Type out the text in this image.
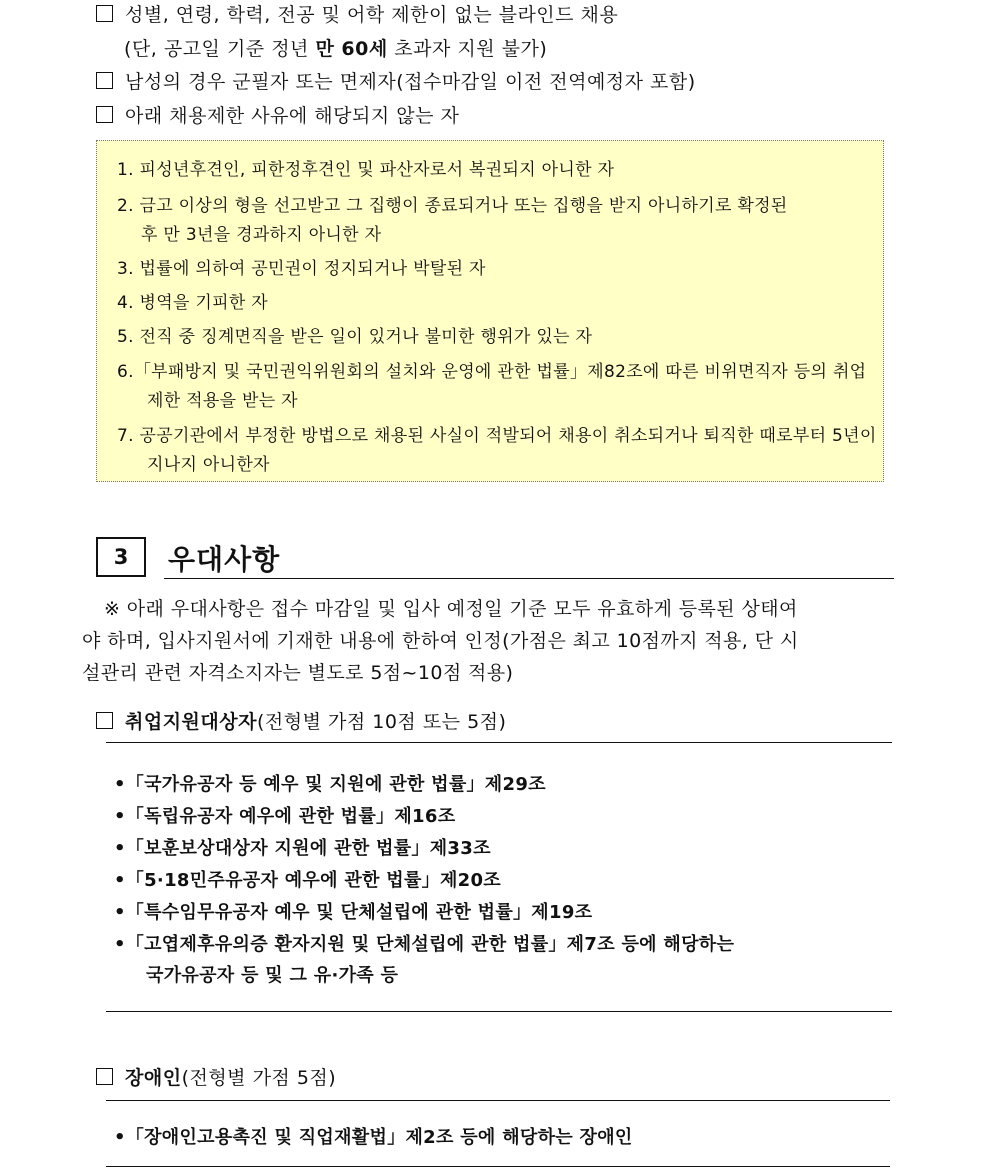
성별, 연령, 학력, 전공 및 어학 제한이 없는 블라인드 채용
(단, 공고일 기준 정년 만 60세 초과자 지원 불가)
남성의 경우 군필자 또는 면제자(접수마감일 이전 전역예정자 포함)
아래 채용제한 사유에 해당되지 않는 자
1. 피성년후견인, 피한정후견인 및 파산자로서 복권되지 아니한 자
2. 금고 이상의 형을 선고받고 그 집행이 종료되거나 또는 집행을 받지 아니하기로 확정된
후 만 3년을 경과하지 아니한 자
3. 법률에 의하여 공민권이 정지되거나 박탈된 자
4. 병역을 기피한 자
5. 전직 중 징계면직을 받은 일이 있거나 불미한 행위가 있는 자
6.「부패방지 및 국민권익위원회의 설치와 운영에 관한 법률」제82조에 따른 비위면직자 등의 취업
제한 적용을 받는 자
7. 공공기관에서 부정한 방법으로 채용된 사실이 적발되어 채용이 취소되거나 퇴직한 때로부터 5년이
지나지 아니한자
3	우대사항
※ 아래 우대사항은 접수 마감일 및 입사 예정일 기준 모두 유효하게 등록된 상태여
야 하며, 입사지원서에 기재한 내용에 한하여 인정(가점은 최고 10점까지 적용, 단 시
설관리 관련 자격소지자는 별도로 5점~10점 적용)
취업지원대상자(전형별 가점 10점 또는 5점)
•「국가유공자 등 예우 및 지원에 관한 법률」제29조
•「독립유공자 예우에 관한 법률」제16조
•「보훈보상대상자 지원에 관한 법률」제33조
•「5·18민주유공자 예우에 관한 법률」제20조
•「특수임무유공자 예우 및 단체설립에 관한 법률」제19조
•「고엽제후유의증 환자지원 및 단체설립에 관한 법률」제7조 등에 해당하는
국가유공자 등 및 그 유·가족 등
장애인(전형별 가점 5점)
•「장애인고용촉진 및 직업재활법」제2조 등에 해당하는 장애인
